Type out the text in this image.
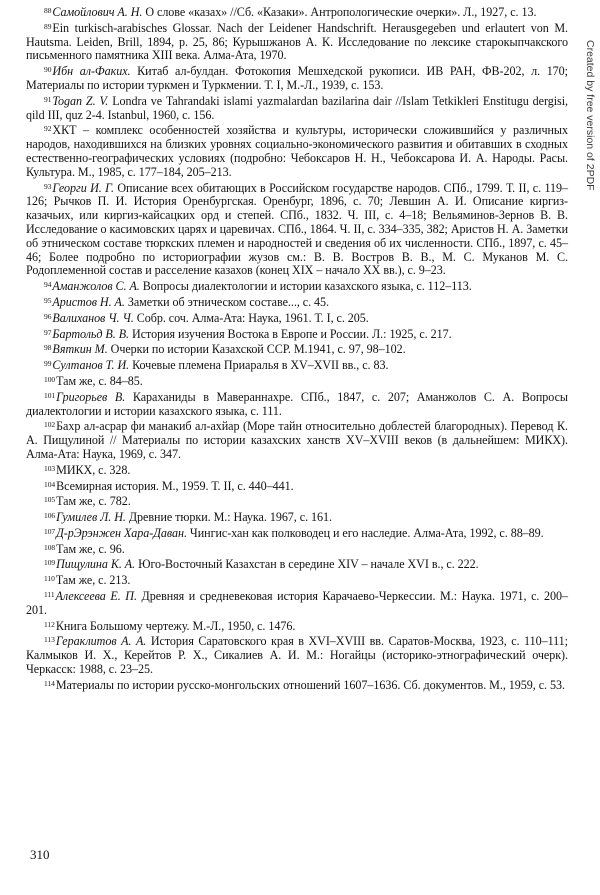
$^{88}$Самойлович А. Н. О слове «казах» //Сб. «Казаки». Антропологические очерки». Л., 1927, с. 13.

$^{89}$Ein turkisch-arabisches Glossar. Nach der Leidener Handschrift. Herausgegeben und erlautert von M. Hautsma. Leiden, Brill, 1894, p. 25, 86; Курышжанов А. К. Исследование по лексике старокыпчакского письменного памятника XIII века. Алма-Ата, 1970.

$^{90}$Ибн ал-Факих. Китаб ал-булдан. Фотокопия Мешхедской рукописи. ИВ РАН, ФВ-202, л. 170; Материалы по истории туркмен и Туркмении. Т. I, М.-Л., 1939, с. 153.

$^{91}$Togan Z. V. Londra ve Tahrandaki islami yazmalardan bazilarina dair //Islam Tetkikleri Enstitugu dergisi, qild III, quz 2-4. Istanbul, 1960, с. 156.

$^{92}$ХКТ – комплекс особенностей хозяйства и культуры, исторически сложившийся у различных народов, находившихся на близких уровнях социально-экономического развития и обитавших в сходных естественно-географических условиях (подробно: Чебоксаров Н. Н., Чебоксарова И. А. Народы. Расы. Культура. М., 1985, с. 177–184, 205–213.

$^{93}$Георги И. Г. Описание всех обитающих в Российском государстве народов. СПб., 1799. Т. II, с. 119–126; Рычков П. И. История Оренбургская. Оренбург, 1896, с. 70; Левшин А. И. Описание киргиз-казачьих, или киргиз-кайсацких орд и степей. СПб., 1832. Ч. III, с. 4–18; Вельяминов-Зернов В. В. Исследование о касимовских царях и царевичах. СПб., 1864. Ч. II, с. 334–335, 382; Аристов Н. А. Заметки об этническом составе тюркских племен и народностей и сведения об их численности. СПб., 1897, с. 45–46; Более подробно по историографии жузов см.: В. В. Востров В. В., М. С. Муканов М. С. Родоплеменной состав и расселение казахов (конец XIX – начало XX вв.), с. 9–23.

$^{94}$Аманжолов С. А. Вопросы диалектологии и истории казахского языка, с. 112–113.

$^{95}$Аристов Н. А. Заметки об этническом составе..., с. 45.

$^{96}$Валиханов Ч. Ч. Собр. соч. Алма-Ата: Наука, 1961. Т. I, с. 205.

$^{97}$Бартольд В. В. История изучения Востока в Европе и России. Л.: 1925, с. 217.

$^{98}$Вяткин М. Очерки по истории Казахской ССР. М.1941, с. 97, 98–102.

$^{99}$Султанов Т. И. Кочевые племена Приаралья в XV–XVII вв., с. 83.

$^{100}$Там же, с. 84–85.

$^{101}$Григорьев В. Караханиды в Мавераннахре. СПб., 1847, с. 207; Аманжолов С. А. Вопросы диалектологии и истории казахского языка, с. 111.

$^{102}$Бахр ал-асрар фи манакиб ал-ахйар (Море тайн относительно доблестей благородных). Перевод К. А. Пищулиной // Материалы по истории казахских ханств XV–XVIII веков (в дальнейшем: МИКХ). Алма-Ата: Наука, 1969, с. 347.

$^{103}$МИКХ, с. 328.

$^{104}$Всемирная история. М., 1959. Т. II, с. 440–441.

$^{105}$Там же, с. 782.

$^{106}$Гумилев Л. Н. Древние тюрки. М.: Наука. 1967, с. 161.

$^{107}$Д-рЭрэнжен Хара-Даван. Чингис-хан как полководец и его наследие. Алма-Ата, 1992, с. 88–89.

$^{108}$Там же, с. 96.

$^{109}$Пищулина К. А. Юго-Восточный Казахстан в середине XIV – начале XVI в., с. 222.

$^{110}$Там же, с. 213.

$^{111}$Алексеева Е. П. Древняя и средневековая история Карачаево-Черкессии. М.: Наука. 1971, с. 200–201.

$^{112}$Книга Большому чертежу. М.-Л., 1950, с. 1476.

$^{113}$Гераклитов А. А. История Саратовского края в XVI–XVIII вв. Саратов-Москва, 1923, с. 110–111; Калмыков И. Х., Керейтов Р. Х., Сикалиев А. И. М.: Ногайцы (историко-этнографический очерк). Черкасск: 1988, с. 23–25.

$^{114}$Материалы по истории русско-монгольских отношений 1607–1636. Сб. документов. М., 1959, с. 53.

310
Created by free version of 2PDF
